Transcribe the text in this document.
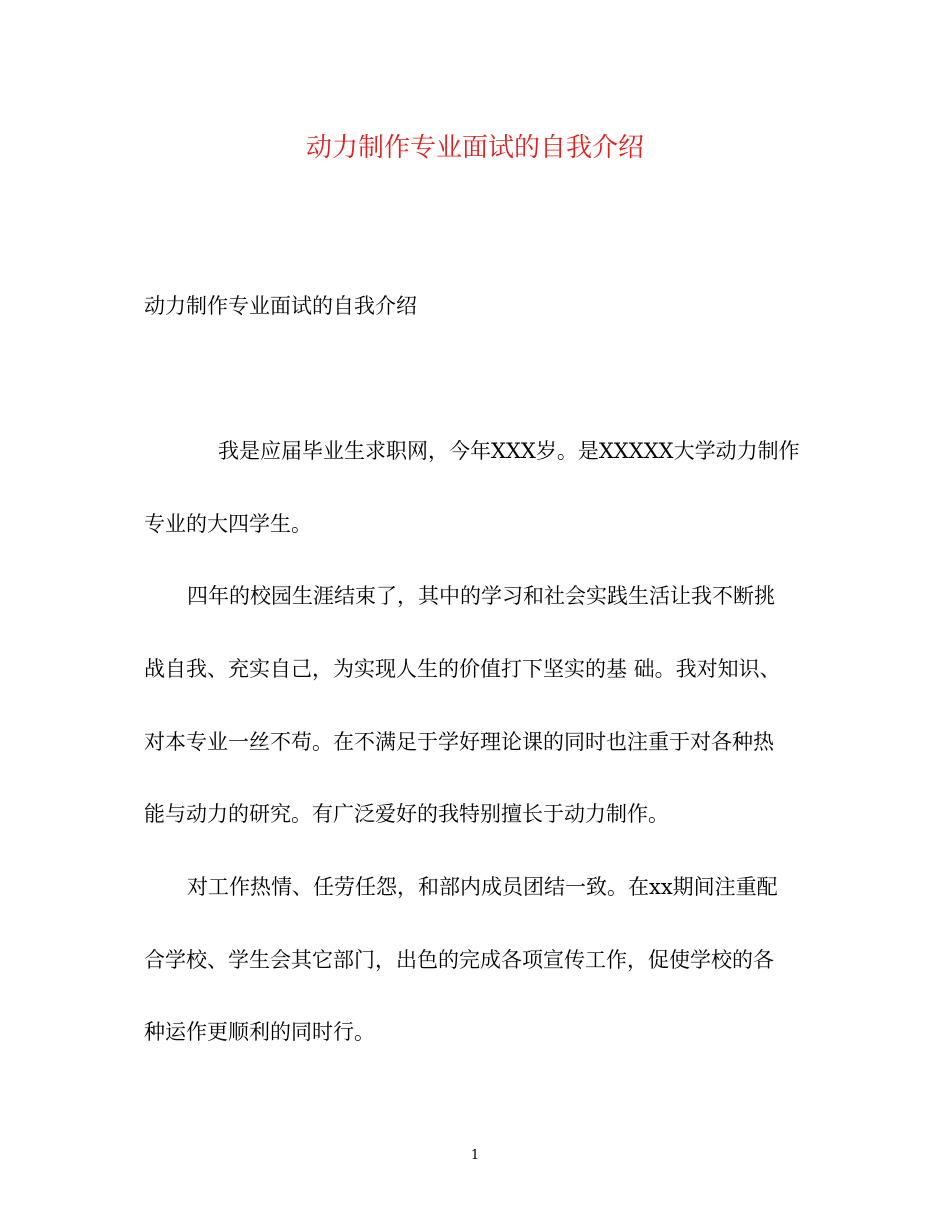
动力制作专业面试的自我介绍
动力制作专业面试的自我介绍
我是应届毕业生求职网，今年XXX岁。是XXXXX大学动力制作
专业的大四学生。
四年的校园生涯结束了，其中的学习和社会实践生活让我不断挑
战自我、充实自己，为实现人生的价值打下坚实的基 础。我对知识、
对本专业一丝不苟。在不满足于学好理论课的同时也注重于对各种热
能与动力的研究。有广泛爱好的我特别擅长于动力制作。
对工作热情、任劳任怨，和部内成员团结一致。在xx期间注重配
合学校、学生会其它部门，出色的完成各项宣传工作，促使学校的各
种运作更顺利的同时行。
1
